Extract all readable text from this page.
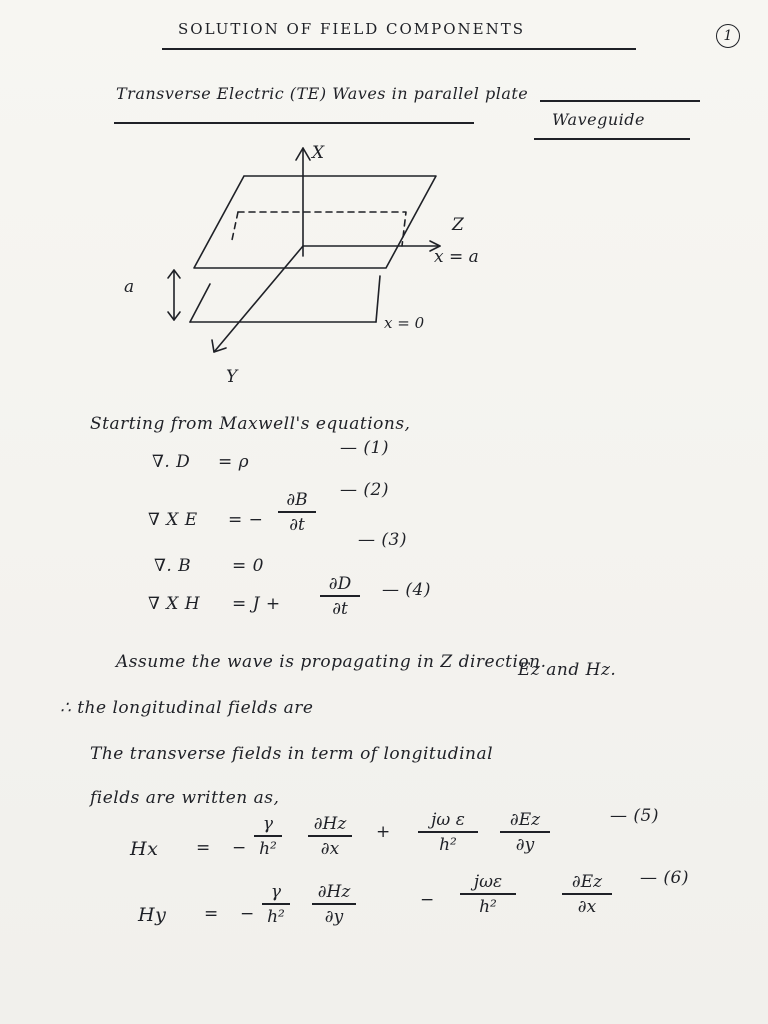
SOLUTION OF FIELD COMPONENTS	1
Transverse Electric (TE) Waves in parallel plate
Waveguide
X
Z
Y
a
x = a
x = 0
Starting from Maxwell's equations,
∇. D = ρ
— (1)
∇ X E = −
∂B
∂t
— (2)
∇. B = 0
— (3)
∇ X H = J +
∂D
∂t
— (4)
Assume the wave is propagating in Z direction.
∴ the longitudinal fields are
Ez and Hz.
The transverse fields in term of longitudinal
fields are written as,
Hx = −
γ
h²
∂Hz
∂x
+
jω ε
h²
∂Ez
∂y
— (5)
Hy = −
γ
h²
∂Hz
∂y
−
jωε
h²
∂Ez
∂x
— (6)
